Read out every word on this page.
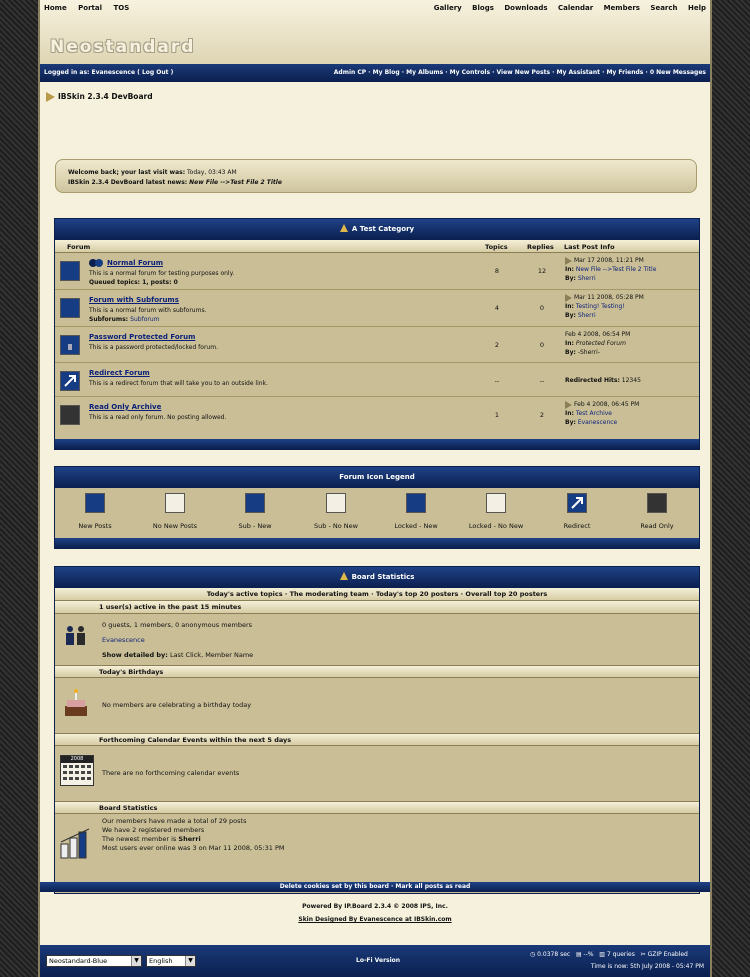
Home Portal TOS	Gallery Blogs Downloads Calendar Members Search Help
Neostandard
Logged in as: Evanescence ( Log Out )	Admin CP · My Blog · My Albums · My Controls · View New Posts · My Assistant · My Friends · 0 New Messages
IBSkin 2.3.4 DevBoard
Welcome back; your last visit was: Today, 03:43 AM
IBSkin 2.3.4 DevBoard latest news: New File -->Test File 2 Title
A Test Category
Forum	Topics	Replies Last Post Info
Normal Forum
This is a normal forum for testing purposes only.
Queued topics: 1, posts: 0
8	12
Mar 17 2008, 11:21 PM
In: New File -->Test File 2 Title
By: Sherri
Forum with Subforums
This is a normal forum with subforums.
Subforums: Subforum
4	0
Mar 11 2008, 05:28 PM
In: Testing! Testing!
By: Sherri
Password Protected Forum
This is a password protected/locked forum.	2	0
Feb 4 2008, 06:54 PM
In: Protected Forum
By: -Sherri-
Redirect Forum
This is a redirect forum that will take you to an outside link.	--	--	Redirected Hits: 12345
Read Only Archive
This is a read only forum. No posting allowed.	1	2
Feb 4 2008, 06:45 PM
In: Test Archive
By: Evanescence
Forum Icon Legend
New Posts	No New Posts	Sub - New	Sub - No New	Locked - New	Locked - No New	Redirect	Read Only
Board Statistics
Today's active topics · The moderating team · Today's top 20 posters · Overall top 20 posters
1 user(s) active in the past 15 minutes
0 guests, 1 members, 0 anonymous members
Evanescence
Show detailed by: Last Click, Member Name
Today's Birthdays
No members are celebrating a birthday today
Forthcoming Calendar Events within the next 5 days
2008
There are no forthcoming calendar events
Board Statistics
Our members have made a total of 29 posts
We have 2 registered members
The newest member is Sherri
Most users ever online was 3 on Mar 11 2008, 05:31 PM
Delete cookies set by this board · Mark all posts as read
Powered By IP.Board 2.3.4 © 2008 IPS, Inc.
Skin Designed By Evanescence at IBSkin.com
Neostandard-Blue	▼	English	▼	Lo-Fi Version
◷ 0.0378 sec ▤ --% ▥ 7 queries ✂ GZIP Enabled
Time is now: 5th July 2008 - 05:47 PM
